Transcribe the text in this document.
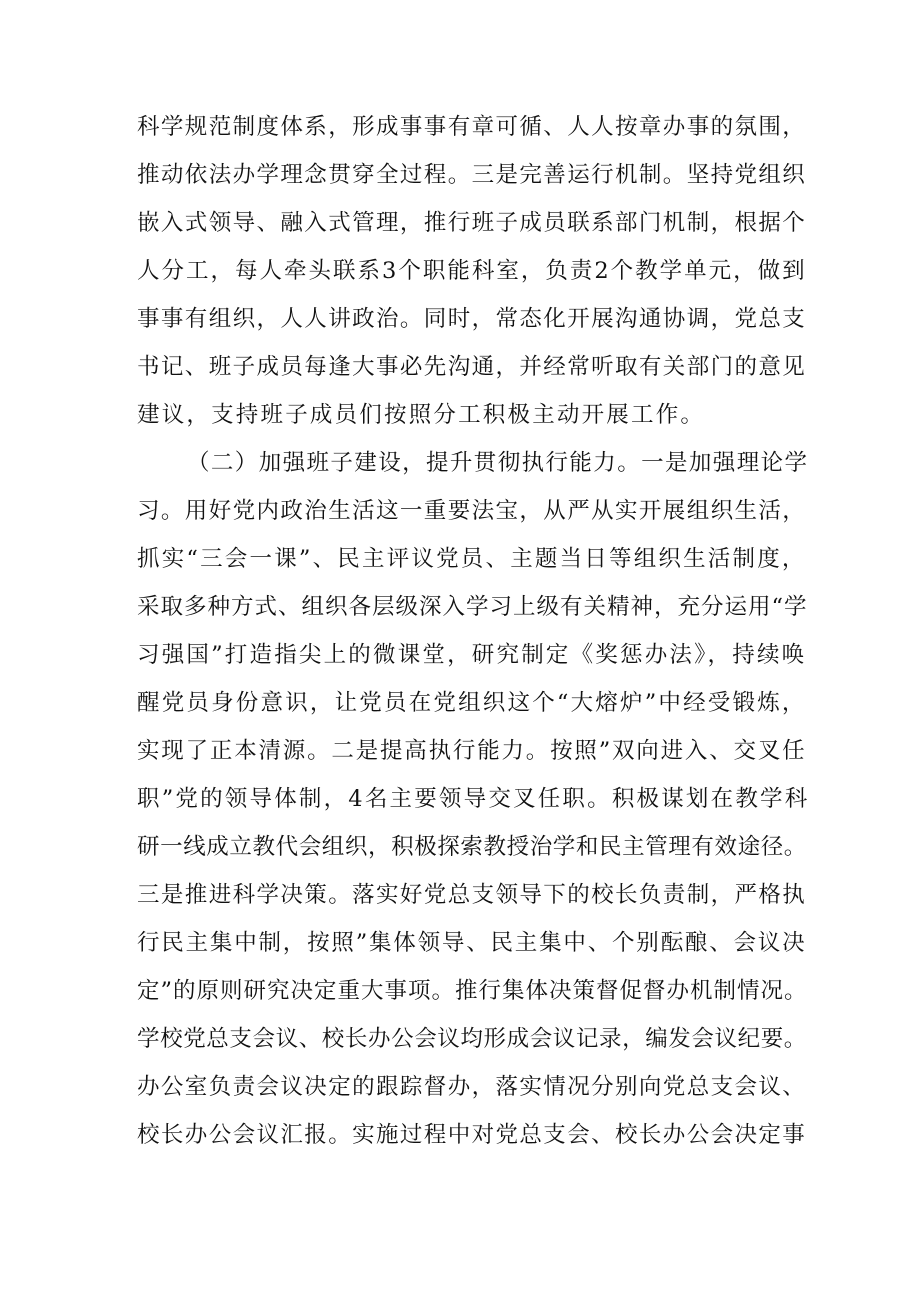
科学规范制度体系，形成事事有章可循、人人按章办事的氛围，
推动依法办学理念贯穿全过程。三是完善运行机制。坚持党组织
嵌入式领导、融入式管理，推行班子成员联系部门机制，根据个
人分工，每人牵头联系3个职能科室，负责2个教学单元，做到
事事有组织，人人讲政治。同时，常态化开展沟通协调，党总支
书记、班子成员每逢大事必先沟通，并经常听取有关部门的意见
建议，支持班子成员们按照分工积极主动开展工作。
（二）加强班子建设，提升贯彻执行能力。一是加强理论学
习。用好党内政治生活这一重要法宝，从严从实开展组织生活，
抓实“三会一课”、民主评议党员、主题当日等组织生活制度，
采取多种方式、组织各层级深入学习上级有关精神，充分运用“学
习强国”打造指尖上的微课堂，研究制定《奖惩办法》，持续唤
醒党员身份意识，让党员在党组织这个“大熔炉”中经受锻炼，
实现了正本清源。二是提高执行能力。按照”双向进入、交叉任
职”党的领导体制，4名主要领导交叉任职。积极谋划在教学科
研一线成立教代会组织，积极探索教授治学和民主管理有效途径。
三是推进科学决策。落实好党总支领导下的校长负责制，严格执
行民主集中制，按照”集体领导、民主集中、个别酝酿、会议决
定”的原则研究决定重大事项。推行集体决策督促督办机制情况。
学校党总支会议、校长办公会议均形成会议记录，编发会议纪要。
办公室负责会议决定的跟踪督办，落实情况分别向党总支会议、
校长办公会议汇报。实施过程中对党总支会、校长办公会决定事
